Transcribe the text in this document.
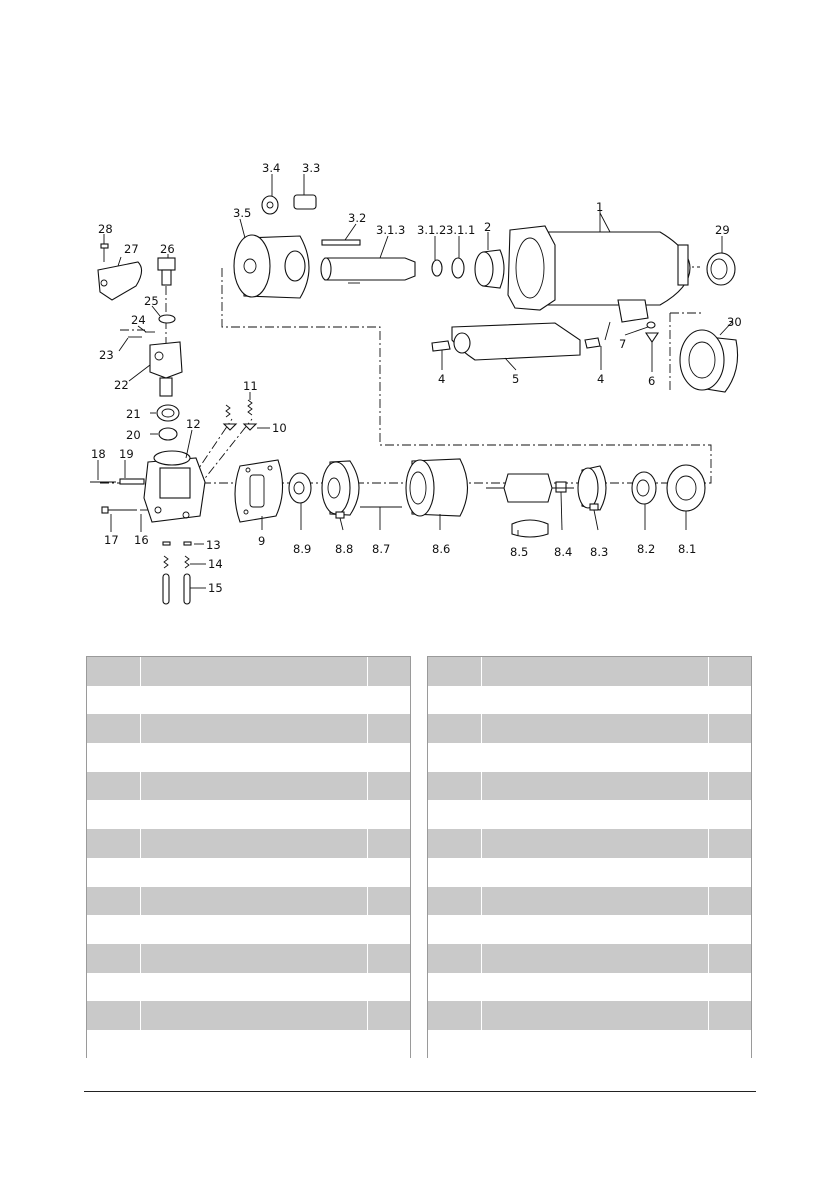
1
2
3.1.1
3.1.2
3.1.3
3.2
3.3
3.4
3.5
4	4
5	6
7
8.1
8.2
8.3
8.4
8.5
8.6
8.7
8.8
8.9
9
10
11
12
13
14
15
16
17
18 19
20
21
22
23
24
25
26
27
28	29
30
